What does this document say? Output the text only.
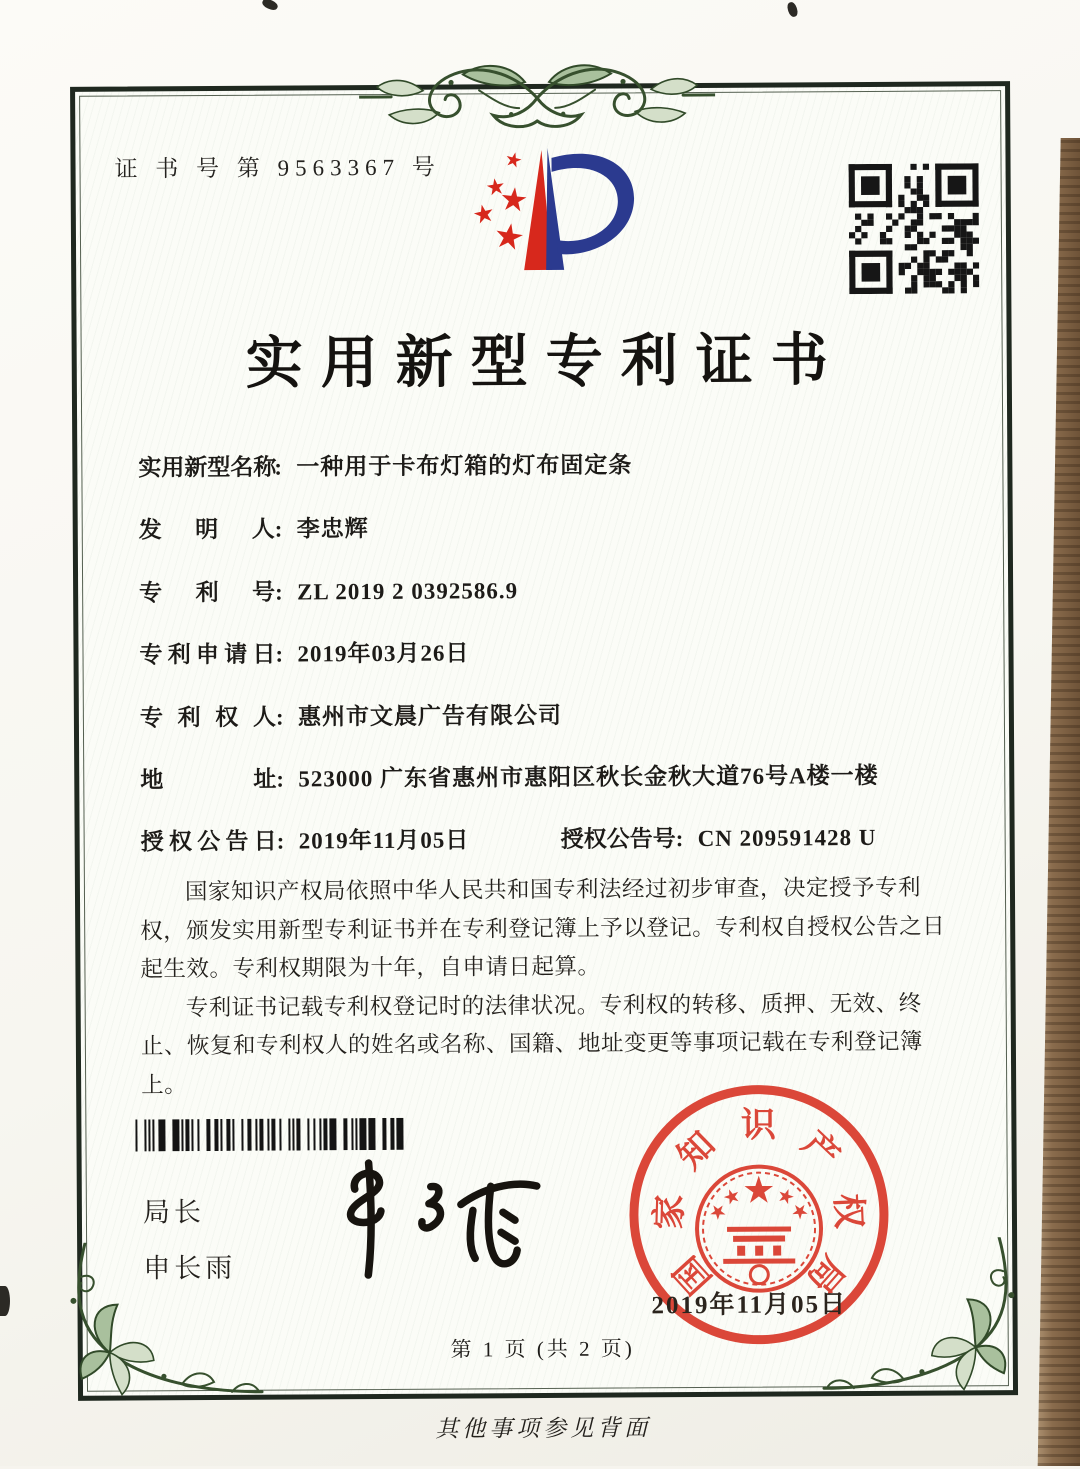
证 书 号 第 9563367 号
实用新型专利证书
实用新型名称: 一种用于卡布灯箱的灯布固定条
发明人: 李忠辉
专利号: ZL 2019 2 0392586.9
专利申请日: 2019年03月26日
专利权人: 惠州市文晨广告有限公司
地址: 523000 广东省惠州市惠阳区秋长金秋大道76号A楼一楼
授权公告日: 2019年11月05日	授权公告号: CN 209591428 U

国家知识产权局依照中华人民共和国专利法经过初步审查，决定授予专利权，颁发实用新型专利证书并在专利登记簿上予以登记。专利权自授权公告之日起生效。专利权期限为十年，自申请日起算。

专利证书记载专利权登记时的法律状况。专利权的转移、质押、无效、终止、恢复和专利权人的姓名或名称、国籍、地址变更等事项记载在专利登记簿上。

局长
申长雨	国
家
知 识 产
权
局
2019年11月05日
第 1 页 (共 2 页)
其他事项参见背面
